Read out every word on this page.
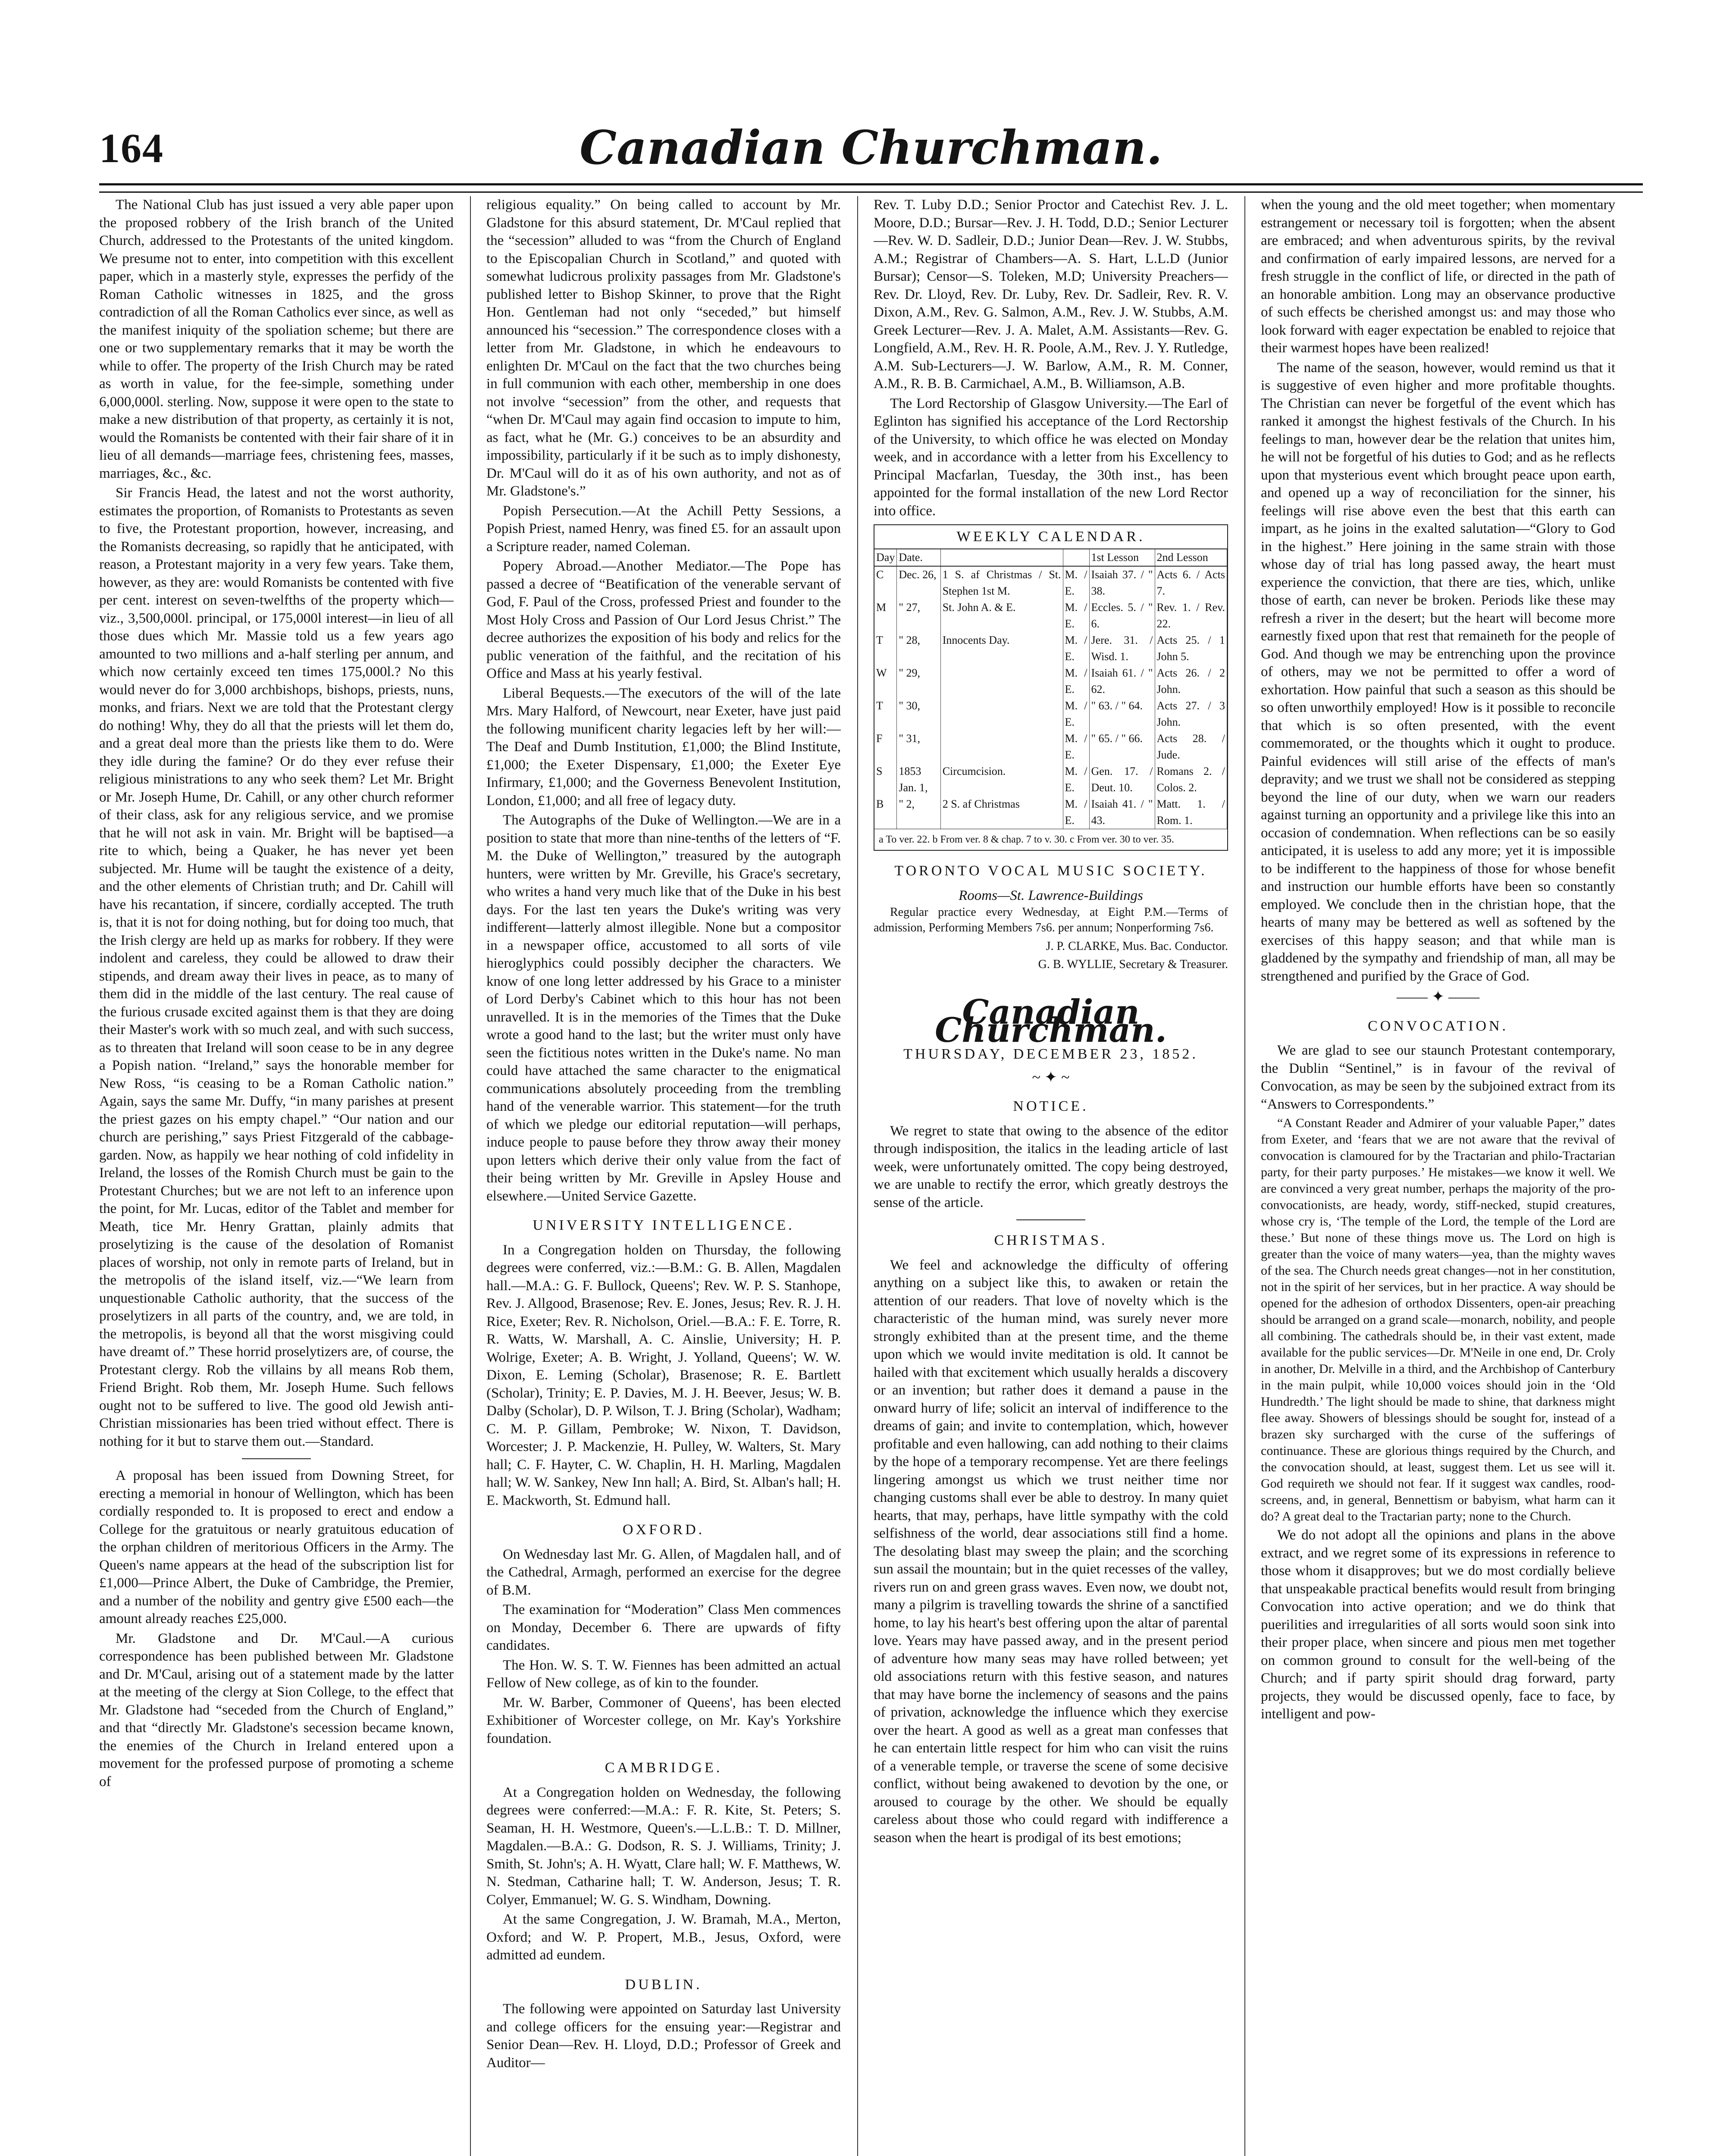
164	Canadian Churchman.

The National Club has just issued a very able paper upon the proposed robbery of the Irish branch of the United Church, addressed to the Protestants of the united kingdom. We presume not to enter, into competition with this excellent paper, which in a masterly style, expresses the perfidy of the Roman Catholic witnesses in 1825, and the gross contradiction of all the Roman Catholics ever since, as well as the manifest iniquity of the spoliation scheme; but there are one or two supplementary remarks that it may be worth the while to offer. The property of the Irish Church may be rated as worth in value, for the fee-simple, something under 6,000,000l. sterling. Now, suppose it were open to the state to make a new distribution of that property, as certainly it is not, would the Romanists be contented with their fair share of it in lieu of all demands—marriage fees, christening fees, masses, marriages, &c., &c.

Sir Francis Head, the latest and not the worst authority, estimates the proportion, of Romanists to Protestants as seven to five, the Protestant proportion, however, increasing, and the Romanists decreasing, so rapidly that he anticipated, with reason, a Protestant majority in a very few years. Take them, however, as they are: would Romanists be contented with five per cent. interest on seven-twelfths of the property which—viz., 3,500,000l. principal, or 175,000l interest—in lieu of all those dues which Mr. Massie told us a few years ago amounted to two millions and a-half sterling per annum, and which now certainly exceed ten times 175,000l.? No this would never do for 3,000 archbishops, bishops, priests, nuns, monks, and friars. Next we are told that the Protestant clergy do nothing! Why, they do all that the priests will let them do, and a great deal more than the priests like them to do. Were they idle during the famine? Or do they ever refuse their religious ministrations to any who seek them? Let Mr. Bright or Mr. Joseph Hume, Dr. Cahill, or any other church reformer of their class, ask for any religious service, and we promise that he will not ask in vain. Mr. Bright will be baptised—a rite to which, being a Quaker, he has never yet been subjected. Mr. Hume will be taught the existence of a deity, and the other elements of Christian truth; and Dr. Cahill will have his recantation, if sincere, cordially accepted. The truth is, that it is not for doing nothing, but for doing too much, that the Irish clergy are held up as marks for robbery. If they were indolent and careless, they could be allowed to draw their stipends, and dream away their lives in peace, as to many of them did in the middle of the last century. The real cause of the furious crusade excited against them is that they are doing their Master's work with so much zeal, and with such success, as to threaten that Ireland will soon cease to be in any degree a Popish nation. “Ireland,” says the honorable member for New Ross, “is ceasing to be a Roman Catholic nation.” Again, says the same Mr. Duffy, “in many parishes at present the priest gazes on his empty chapel.” “Our nation and our church are perishing,” says Priest Fitzgerald of the cabbage-garden. Now, as happily we hear nothing of cold infidelity in Ireland, the losses of the Romish Church must be gain to the Protestant Churches; but we are not left to an inference upon the point, for Mr. Lucas, editor of the Tablet and member for Meath, tice Mr. Henry Grattan, plainly admits that proselytizing is the cause of the desolation of Romanist places of worship, not only in remote parts of Ireland, but in the metropolis of the island itself, viz.—“We learn from unquestionable Catholic authority, that the success of the proselytizers in all parts of the country, and, we are told, in the metropolis, is beyond all that the worst misgiving could have dreamt of.” These horrid proselytizers are, of course, the Protestant clergy. Rob the villains by all means Rob them, Friend Bright. Rob them, Mr. Joseph Hume. Such fellows ought not to be suffered to live. The good old Jewish anti-Christian missionaries has been tried without effect. There is nothing for it but to starve them out.—Standard.

A proposal has been issued from Downing Street, for erecting a memorial in honour of Wellington, which has been cordially responded to. It is proposed to erect and endow a College for the gratuitous or nearly gratuitous education of the orphan children of meritorious Officers in the Army. The Queen's name appears at the head of the subscription list for £1,000—Prince Albert, the Duke of Cambridge, the Premier, and a number of the nobility and gentry give £500 each—the amount already reaches £25,000.

Mr. Gladstone and Dr. M'Caul.—A curious correspondence has been published between Mr. Gladstone and Dr. M'Caul, arising out of a statement made by the latter at the meeting of the clergy at Sion College, to the effect that Mr. Gladstone had “seceded from the Church of England,” and that “directly Mr. Gladstone's secession became known, the enemies of the Church in Ireland entered upon a movement for the professed purpose of promoting a scheme of

religious equality.” On being called to account by Mr. Gladstone for this absurd statement, Dr. M'Caul replied that the “secession” alluded to was “from the Church of England to the Episcopalian Church in Scotland,” and quoted with somewhat ludicrous prolixity passages from Mr. Gladstone's published letter to Bishop Skinner, to prove that the Right Hon. Gentleman had not only “seceded,” but himself announced his “secession.” The correspondence closes with a letter from Mr. Gladstone, in which he endeavours to enlighten Dr. M'Caul on the fact that the two churches being in full communion with each other, membership in one does not involve “secession” from the other, and requests that “when Dr. M'Caul may again find occasion to impute to him, as fact, what he (Mr. G.) conceives to be an absurdity and impossibility, particularly if it be such as to imply dishonesty, Dr. M'Caul will do it as of his own authority, and not as of Mr. Gladstone's.”

Popish Persecution.—At the Achill Petty Sessions, a Popish Priest, named Henry, was fined £5. for an assault upon a Scripture reader, named Coleman.

Popery Abroad.—Another Mediator.—The Pope has passed a decree of “Beatification of the venerable servant of God, F. Paul of the Cross, professed Priest and founder to the Most Holy Cross and Passion of Our Lord Jesus Christ.” The decree authorizes the exposition of his body and relics for the public veneration of the faithful, and the recitation of his Office and Mass at his yearly festival.

Liberal Bequests.—The executors of the will of the late Mrs. Mary Halford, of Newcourt, near Exeter, have just paid the following munificent charity legacies left by her will:—The Deaf and Dumb Institution, £1,000; the Blind Institute, £1,000; the Exeter Dispensary, £1,000; the Exeter Eye Infirmary, £1,000; and the Governess Benevolent Institution, London, £1,000; and all free of legacy duty.

The Autographs of the Duke of Wellington.—We are in a position to state that more than nine-tenths of the letters of “F. M. the Duke of Wellington,” treasured by the autograph hunters, were written by Mr. Greville, his Grace's secretary, who writes a hand very much like that of the Duke in his best days. For the last ten years the Duke's writing was very indifferent—latterly almost illegible. None but a compositor in a newspaper office, accustomed to all sorts of vile hieroglyphics could possibly decipher the characters. We know of one long letter addressed by his Grace to a minister of Lord Derby's Cabinet which to this hour has not been unravelled. It is in the memories of the Times that the Duke wrote a good hand to the last; but the writer must only have seen the fictitious notes written in the Duke's name. No man could have attached the same character to the enigmatical communications absolutely proceeding from the trembling hand of the venerable warrior. This statement—for the truth of which we pledge our editorial reputation—will perhaps, induce people to pause before they throw away their money upon letters which derive their only value from the fact of their being written by Mr. Greville in Apsley House and elsewhere.—United Service Gazette.

UNIVERSITY INTELLIGENCE.

In a Congregation holden on Thursday, the following degrees were conferred, viz.:—B.M.: G. B. Allen, Magdalen hall.—M.A.: G. F. Bullock, Queens'; Rev. W. P. S. Stanhope, Rev. J. Allgood, Brasenose; Rev. E. Jones, Jesus; Rev. R. J. H. Rice, Exeter; Rev. R. Nicholson, Oriel.—B.A.: F. E. Torre, R. R. Watts, W. Marshall, A. C. Ainslie, University; H. P. Wolrige, Exeter; A. B. Wright, J. Yolland, Queens'; W. W. Dixon, E. Leming (Scholar), Brasenose; R. E. Bartlett (Scholar), Trinity; E. P. Davies, M. J. H. Beever, Jesus; W. B. Dalby (Scholar), D. P. Wilson, T. J. Bring (Scholar), Wadham; C. M. P. Gillam, Pembroke; W. Nixon, T. Davidson, Worcester; J. P. Mackenzie, H. Pulley, W. Walters, St. Mary hall; C. F. Hayter, C. W. Chaplin, H. H. Marling, Magdalen hall; W. W. Sankey, New Inn hall; A. Bird, St. Alban's hall; H. E. Mackworth, St. Edmund hall.

OXFORD.

On Wednesday last Mr. G. Allen, of Magdalen hall, and of the Cathedral, Armagh, performed an exercise for the degree of B.M.

The examination for “Moderation” Class Men commences on Monday, December 6. There are upwards of fifty candidates.

The Hon. W. S. T. W. Fiennes has been admitted an actual Fellow of New college, as of kin to the founder.

Mr. W. Barber, Commoner of Queens', has been elected Exhibitioner of Worcester college, on Mr. Kay's Yorkshire foundation.

CAMBRIDGE.

At a Congregation holden on Wednesday, the following degrees were conferred:—M.A.: F. R. Kite, St. Peters; S. Seaman, H. H. Westmore, Queen's.—L.L.B.: T. D. Millner, Magdalen.—B.A.: G. Dodson, R. S. J. Williams, Trinity; J. Smith, St. John's; A. H. Wyatt, Clare hall; W. F. Matthews, W. N. Stedman, Catharine hall; T. W. Anderson, Jesus; T. R. Colyer, Emmanuel; W. G. S. Windham, Downing.

At the same Congregation, J. W. Bramah, M.A., Merton, Oxford; and W. P. Propert, M.B., Jesus, Oxford, were admitted ad eundem.

DUBLIN.

The following were appointed on Saturday last University and college officers for the ensuing year:—Registrar and Senior Dean—Rev. H. Lloyd, D.D.; Professor of Greek and Auditor—

Rev. T. Luby D.D.; Senior Proctor and Catechist Rev. J. L. Moore, D.D.; Bursar—Rev. J. H. Todd, D.D.; Senior Lecturer—Rev. W. D. Sadleir, D.D.; Junior Dean—Rev. J. W. Stubbs, A.M.; Registrar of Chambers—A. S. Hart, L.L.D (Junior Bursar); Censor—S. Toleken, M.D; University Preachers—Rev. Dr. Lloyd, Rev. Dr. Luby, Rev. Dr. Sadleir, Rev. R. V. Dixon, A.M., Rev. G. Salmon, A.M., Rev. J. W. Stubbs, A.M. Greek Lecturer—Rev. J. A. Malet, A.M. Assistants—Rev. G. Longfield, A.M., Rev. H. R. Poole, A.M., Rev. J. Y. Rutledge, A.M. Sub-Lecturers—J. W. Barlow, A.M., R. M. Conner, A.M., R. B. B. Carmichael, A.M., B. Williamson, A.B.

The Lord Rectorship of Glasgow University.—The Earl of Eglinton has signified his acceptance of the Lord Rectorship of the University, to which office he was elected on Monday week, and in accordance with a letter from his Excellency to Principal Macfarlan, Tuesday, the 30th inst., has been appointed for the formal installation of the new Lord Rector into office.

WEEKLY CALENDAR.
Day	Date.			1st Lesson	2nd Lesson
C	Dec. 26,	1 S. af Christmas / St. Stephen 1st M.	M. / E.	Isaiah 37. / " 38.	Acts 6. / Acts 7.
M	" 27,	St. John A. & E.	M. / E.	Eccles. 5. / " 6.	Rev. 1. / Rev. 22.
T	" 28,	Innocents Day.	M. / E.	Jere. 31. / Wisd. 1.	Acts 25. / 1 John 5.
W	" 29,		M. / E.	Isaiah 61. / " 62.	Acts 26. / 2 John.
T	" 30,		M. / E.	" 63. / " 64.	Acts 27. / 3 John.
F	" 31,		M. / E.	" 65. / " 66.	Acts 28. / Jude.
S	1853 Jan. 1,	Circumcision.	M. / E.	Gen. 17. / Deut. 10.	Romans 2. / Colos. 2.
B	" 2,	2 S. af Christmas	M. / E.	Isaiah 41. / " 43.	Matt. 1. / Rom. 1.
a To ver. 22. b From ver. 8 & chap. 7 to v. 30. c From ver. 30 to ver. 35.
TORONTO VOCAL MUSIC SOCIETY.
Rooms—St. Lawrence-Buildings

Regular practice every Wednesday, at Eight P.M.—Terms of admission, Performing Members 7s6. per annum; Nonperforming 7s6.

J. P. CLARKE, Mus. Bac. Conductor.
G. B. WYLLIE, Secretary & Treasurer.
Canadian Churchman.
THURSDAY, DECEMBER 23, 1852.
~ ✦ ~
NOTICE.

We regret to state that owing to the absence of the editor through indisposition, the italics in the leading article of last week, were unfortunately omitted. The copy being destroyed, we are unable to rectify the error, which greatly destroys the sense of the article.

CHRISTMAS.

We feel and acknowledge the difficulty of offering anything on a subject like this, to awaken or retain the attention of our readers. That love of novelty which is the characteristic of the human mind, was surely never more strongly exhibited than at the present time, and the theme upon which we would invite meditation is old. It cannot be hailed with that excitement which usually heralds a discovery or an invention; but rather does it demand a pause in the onward hurry of life; solicit an interval of indifference to the dreams of gain; and invite to contemplation, which, however profitable and even hallowing, can add nothing to their claims by the hope of a temporary recompense. Yet are there feelings lingering amongst us which we trust neither time nor changing customs shall ever be able to destroy. In many quiet hearts, that may, perhaps, have little sympathy with the cold selfishness of the world, dear associations still find a home. The desolating blast may sweep the plain; and the scorching sun assail the mountain; but in the quiet recesses of the valley, rivers run on and green grass waves. Even now, we doubt not, many a pilgrim is travelling towards the shrine of a sanctified home, to lay his heart's best offering upon the altar of parental love. Years may have passed away, and in the present period of adventure how many seas may have rolled between; yet old associations return with this festive season, and natures that may have borne the inclemency of seasons and the pains of privation, acknowledge the influence which they exercise over the heart. A good as well as a great man confesses that he can entertain little respect for him who can visit the ruins of a venerable temple, or traverse the scene of some decisive conflict, without being awakened to devotion by the one, or aroused to courage by the other. We should be equally careless about those who could regard with indifference a season when the heart is prodigal of its best emotions;

when the young and the old meet together; when momentary estrangement or necessary toil is forgotten; when the absent are embraced; and when adventurous spirits, by the revival and confirmation of early impaired lessons, are nerved for a fresh struggle in the conflict of life, or directed in the path of an honorable ambition. Long may an observance productive of such effects be cherished amongst us: and may those who look forward with eager expectation be enabled to rejoice that their warmest hopes have been realized!

The name of the season, however, would remind us that it is suggestive of even higher and more profitable thoughts. The Christian can never be forgetful of the event which has ranked it amongst the highest festivals of the Church. In his feelings to man, however dear be the relation that unites him, he will not be forgetful of his duties to God; and as he reflects upon that mysterious event which brought peace upon earth, and opened up a way of reconciliation for the sinner, his feelings will rise above even the best that this earth can impart, as he joins in the exalted salutation—“Glory to God in the highest.” Here joining in the same strain with those whose day of trial has long passed away, the heart must experience the conviction, that there are ties, which, unlike those of earth, can never be broken. Periods like these may refresh a river in the desert; but the heart will become more earnestly fixed upon that rest that remaineth for the people of God. And though we may be entrenching upon the province of others, may we not be permitted to offer a word of exhortation. How painful that such a season as this should be so often unworthily employed! How is it possible to reconcile that which is so often presented, with the event commemorated, or the thoughts which it ought to produce. Painful evidences will still arise of the effects of man's depravity; and we trust we shall not be considered as stepping beyond the line of our duty, when we warn our readers against turning an opportunity and a privilege like this into an occasion of condemnation. When reflections can be so easily anticipated, it is useless to add any more; yet it is impossible to be indifferent to the happiness of those for whose benefit and instruction our humble efforts have been so constantly employed. We conclude then in the christian hope, that the hearts of many may be bettered as well as softened by the exercises of this happy season; and that while man is gladdened by the sympathy and friendship of man, all may be strengthened and purified by the Grace of God.

—— ✦ ——
CONVOCATION.

We are glad to see our staunch Protestant contemporary, the Dublin “Sentinel,” is in favour of the revival of Convocation, as may be seen by the subjoined extract from its “Answers to Correspondents.”

“A Constant Reader and Admirer of your valuable Paper,” dates from Exeter, and ‘fears that we are not aware that the revival of convocation is clamoured for by the Tractarian and philo-Tractarian party, for their party purposes.’ He mistakes—we know it well. We are convinced a very great number, perhaps the majority of the pro-convocationists, are heady, wordy, stiff-necked, stupid creatures, whose cry is, ‘The temple of the Lord, the temple of the Lord are these.’ But none of these things move us. The Lord on high is greater than the voice of many waters—yea, than the mighty waves of the sea. The Church needs great changes—not in her constitution, not in the spirit of her services, but in her practice. A way should be opened for the adhesion of orthodox Dissenters, open-air preaching should be arranged on a grand scale—monarch, nobility, and people all combining. The cathedrals should be, in their vast extent, made available for the public services—Dr. M'Neile in one end, Dr. Croly in another, Dr. Melville in a third, and the Archbishop of Canterbury in the main pulpit, while 10,000 voices should join in the ‘Old Hundredth.’ The light should be made to shine, that darkness might flee away. Showers of blessings should be sought for, instead of a brazen sky surcharged with the curse of the sufferings of continuance. These are glorious things required by the Church, and the convocation should, at least, suggest them. Let us see will it. God requireth we should not fear. If it suggest wax candles, rood-screens, and, in general, Bennettism or babyism, what harm can it do? A great deal to the Tractarian party; none to the Church.

We do not adopt all the opinions and plans in the above extract, and we regret some of its expressions in reference to those whom it disapproves; but we do most cordially believe that unspeakable practical benefits would result from bringing Convocation into active operation; and we do think that puerilities and irregularities of all sorts would soon sink into their proper place, when sincere and pious men met together on common ground to consult for the well-being of the Church; and if party spirit should drag forward, party projects, they would be discussed openly, face to face, by intelligent and pow-
